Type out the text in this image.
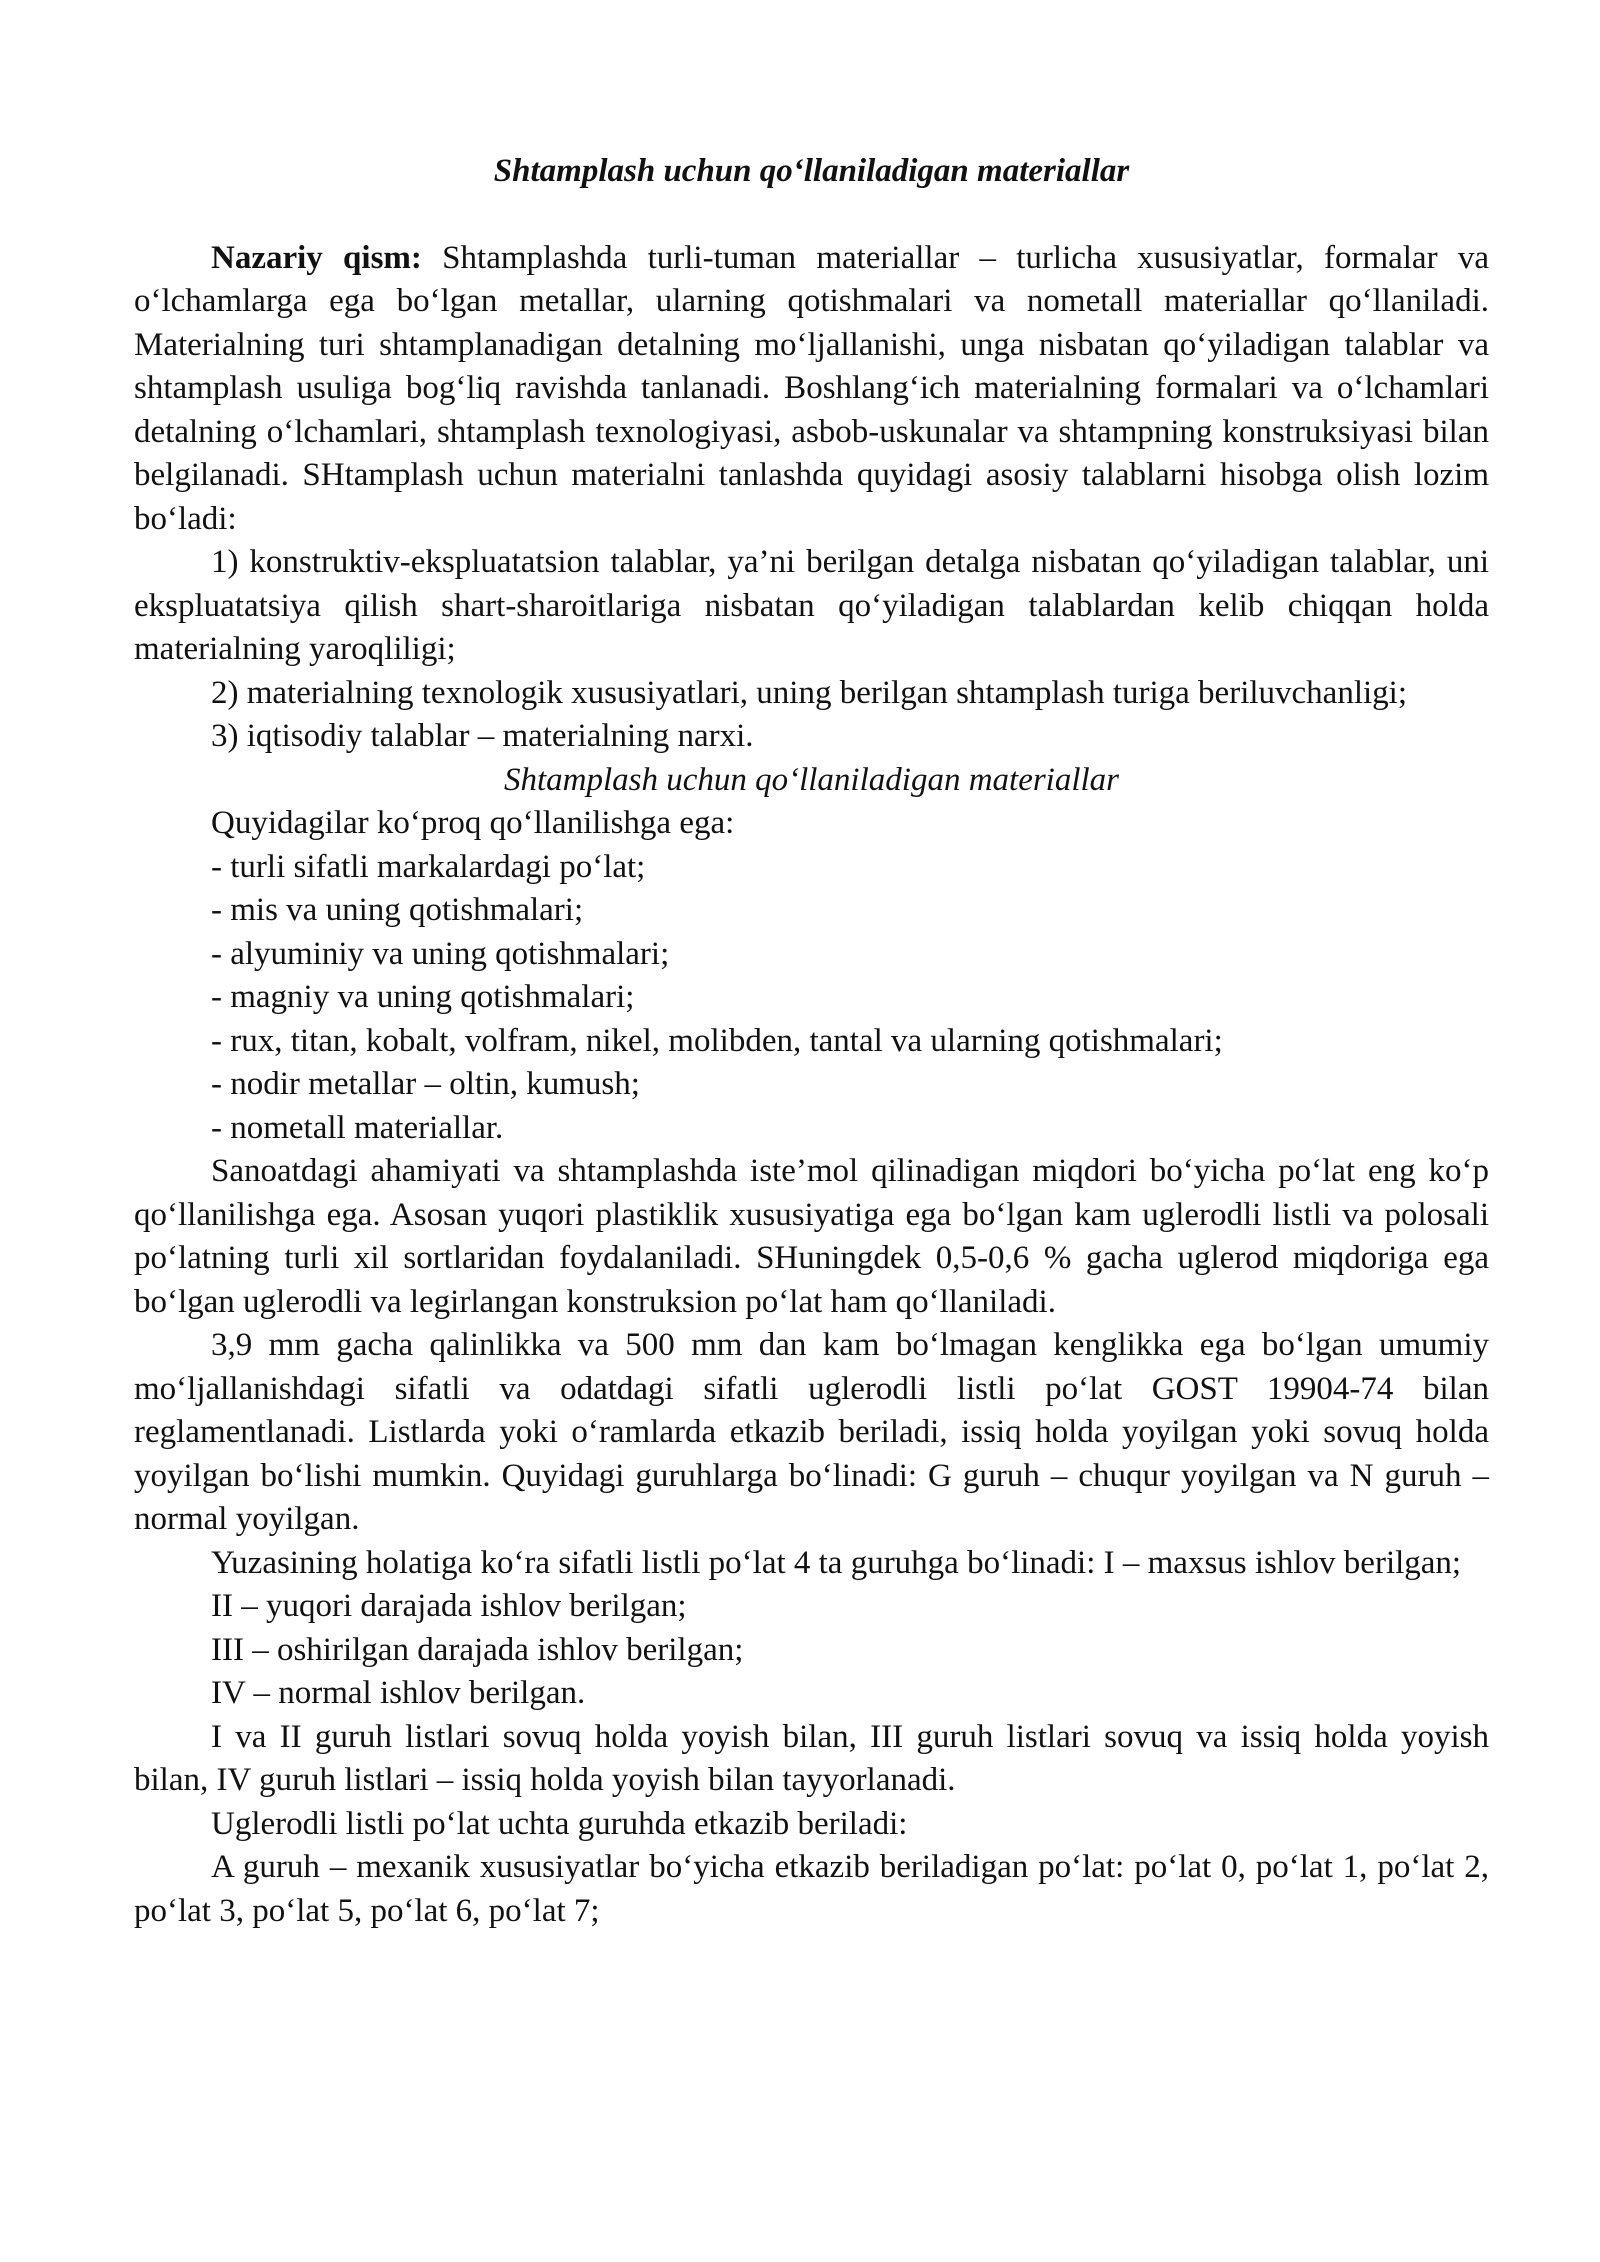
Shtamplash uchun qo‘llaniladigan materiallar

Nazariy qism: Shtamplashda turli-tuman materiallar – turlicha xususiyatlar, formalar va o‘lchamlarga ega bo‘lgan metallar, ularning qotishmalari va nometall materiallar qo‘llaniladi. Materialning turi shtamplanadigan detalning mo‘ljallanishi, unga nisbatan qo‘yiladigan talablar va shtamplash usuliga bog‘liq ravishda tanlanadi. Boshlang‘ich materialning formalari va o‘lchamlari detalning o‘lchamlari, shtamplash texnologiyasi, asbob-uskunalar va shtampning konstruksiyasi bilan belgilanadi. SHtamplash uchun materialni tanlashda quyidagi asosiy talablarni hisobga olish lozim bo‘ladi:

1) konstruktiv-ekspluatatsion talablar, ya’ni berilgan detalga nisbatan qo‘yiladigan talablar, uni ekspluatatsiya qilish shart-sharoitlariga nisbatan qo‘yiladigan talablardan kelib chiqqan holda materialning yaroqliligi;

2) materialning texnologik xususiyatlari, uning berilgan shtamplash turiga beriluvchanligi;

3) iqtisodiy talablar – materialning narxi.

Shtamplash uchun qo‘llaniladigan materiallar

Quyidagilar ko‘proq qo‘llanilishga ega:

- turli sifatli markalardagi po‘lat;

- mis va uning qotishmalari;

- alyuminiy va uning qotishmalari;

- magniy va uning qotishmalari;

- rux, titan, kobalt, volfram, nikel, molibden, tantal va ularning qotishmalari;

- nodir metallar – oltin, kumush;

- nometall materiallar.

Sanoatdagi ahamiyati va shtamplashda iste’mol qilinadigan miqdori bo‘yicha po‘lat eng ko‘p qo‘llanilishga ega. Asosan yuqori plastiklik xususiyatiga ega bo‘lgan kam uglerodli listli va polosali po‘latning turli xil sortlaridan foydalaniladi. SHuningdek 0,5-0,6 % gacha uglerod miqdoriga ega bo‘lgan uglerodli va legirlangan konstruksion po‘lat ham qo‘llaniladi.

3,9 mm gacha qalinlikka va 500 mm dan kam bo‘lmagan kenglikka ega bo‘lgan umumiy mo‘ljallanishdagi sifatli va odatdagi sifatli uglerodli listli po‘lat GOST 19904-74 bilan reglamentlanadi. Listlarda yoki o‘ramlarda etkazib beriladi, issiq holda yoyilgan yoki sovuq holda yoyilgan bo‘lishi mumkin. Quyidagi guruhlarga bo‘linadi: G guruh – chuqur yoyilgan va N guruh – normal yoyilgan.

Yuzasining holatiga ko‘ra sifatli listli po‘lat 4 ta guruhga bo‘linadi: I – maxsus ishlov berilgan;

II – yuqori darajada ishlov berilgan;

III – oshirilgan darajada ishlov berilgan;

IV – normal ishlov berilgan.

I va II guruh listlari sovuq holda yoyish bilan, III guruh listlari sovuq va issiq holda yoyish bilan, IV guruh listlari – issiq holda yoyish bilan tayyorlanadi.

Uglerodli listli po‘lat uchta guruhda etkazib beriladi:

A guruh – mexanik xususiyatlar bo‘yicha etkazib beriladigan po‘lat: po‘lat 0, po‘lat 1, po‘lat 2, po‘lat 3, po‘lat 5, po‘lat 6, po‘lat 7;
